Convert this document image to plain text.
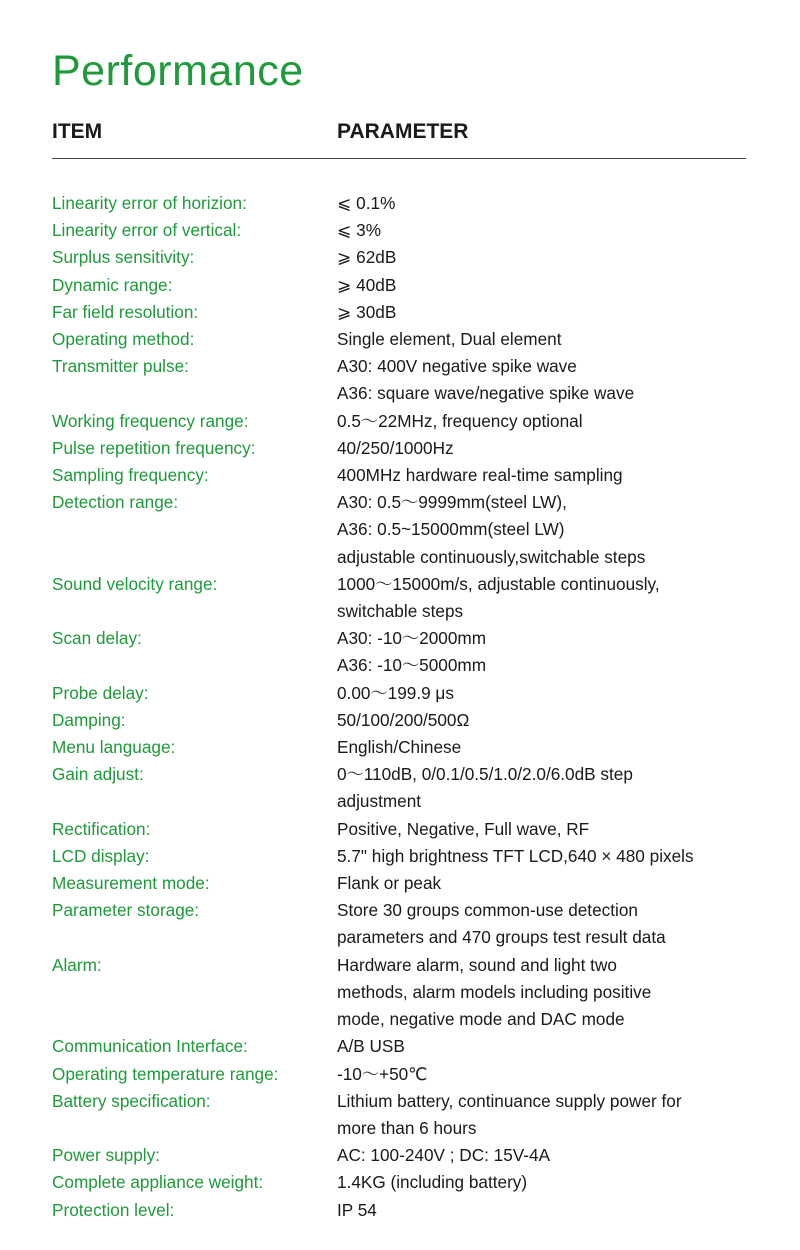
Performance
ITEM	PARAMETER
Linearity error of horizion:	⩽ 0.1%
Linearity error of vertical:	⩽ 3%
Surplus sensitivity:	⩾ 62dB
Dynamic range:	⩾ 40dB
Far field resolution:	⩾ 30dB
Operating method:	Single element, Dual element
Transmitter pulse:	A30: 400V negative spike wave
A36: square wave/negative spike wave
Working frequency range:	0.5～22MHz, frequency optional
Pulse repetition frequency:	40/250/1000Hz
Sampling frequency:	400MHz hardware real-time sampling
Detection range:	A30: 0.5～9999mm(steel LW),
A36: 0.5~15000mm(steel LW)
adjustable continuously,switchable steps
Sound velocity range:	1000～15000m/s, adjustable continuously,
switchable steps
Scan delay:	A30: -10～2000mm
A36: -10～5000mm
Probe delay:	0.00～199.9 μs
Damping:	50/100/200/500Ω
Menu language:	English/Chinese
Gain adjust:	0～110dB, 0/0.1/0.5/1.0/2.0/6.0dB step
adjustment
Rectification:	Positive, Negative, Full wave, RF
LCD display:	5.7" high brightness TFT LCD,640 × 480 pixels
Measurement mode:	Flank or peak
Parameter storage:	Store 30 groups common-use detection
parameters and 470 groups test result data
Alarm:	Hardware alarm, sound and light two
methods, alarm models including positive
mode, negative mode and DAC mode
Communication Interface:	A/B USB
Operating temperature range:	-10～+50℃
Battery specification:	Lithium battery, continuance supply power for
more than 6 hours
Power supply:	AC: 100-240V ; DC: 15V-4A
Complete appliance weight:	1.4KG (including battery)
Protection level:	IP 54
